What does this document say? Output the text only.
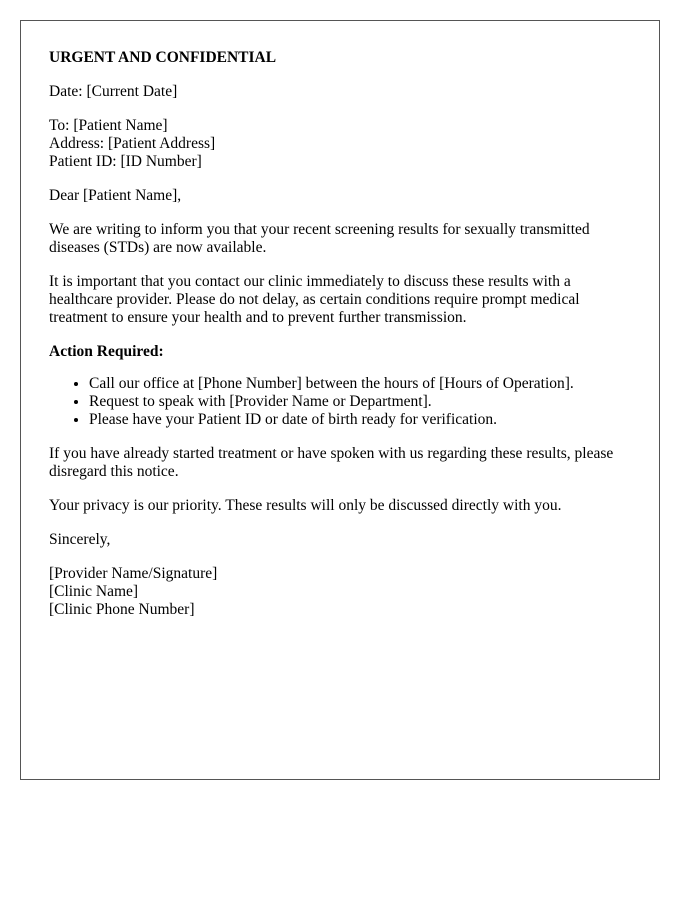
URGENT AND CONFIDENTIAL

Date: [Current Date]

To: [Patient Name]
Address: [Patient Address]
Patient ID: [ID Number]

Dear [Patient Name],

We are writing to inform you that your recent screening results for sexually transmitted diseases (STDs) are now available.

It is important that you contact our clinic immediately to discuss these results with a healthcare provider. Please do not delay, as certain conditions require prompt medical treatment to ensure your health and to prevent further transmission.

Action Required:

• Call our office at [Phone Number] between the hours of [Hours of Operation].
• Request to speak with [Provider Name or Department].
• Please have your Patient ID or date of birth ready for verification.

If you have already started treatment or have spoken with us regarding these results, please disregard this notice.

Your privacy is our priority. These results will only be discussed directly with you.

Sincerely,

[Provider Name/Signature]
[Clinic Name]
[Clinic Phone Number]
